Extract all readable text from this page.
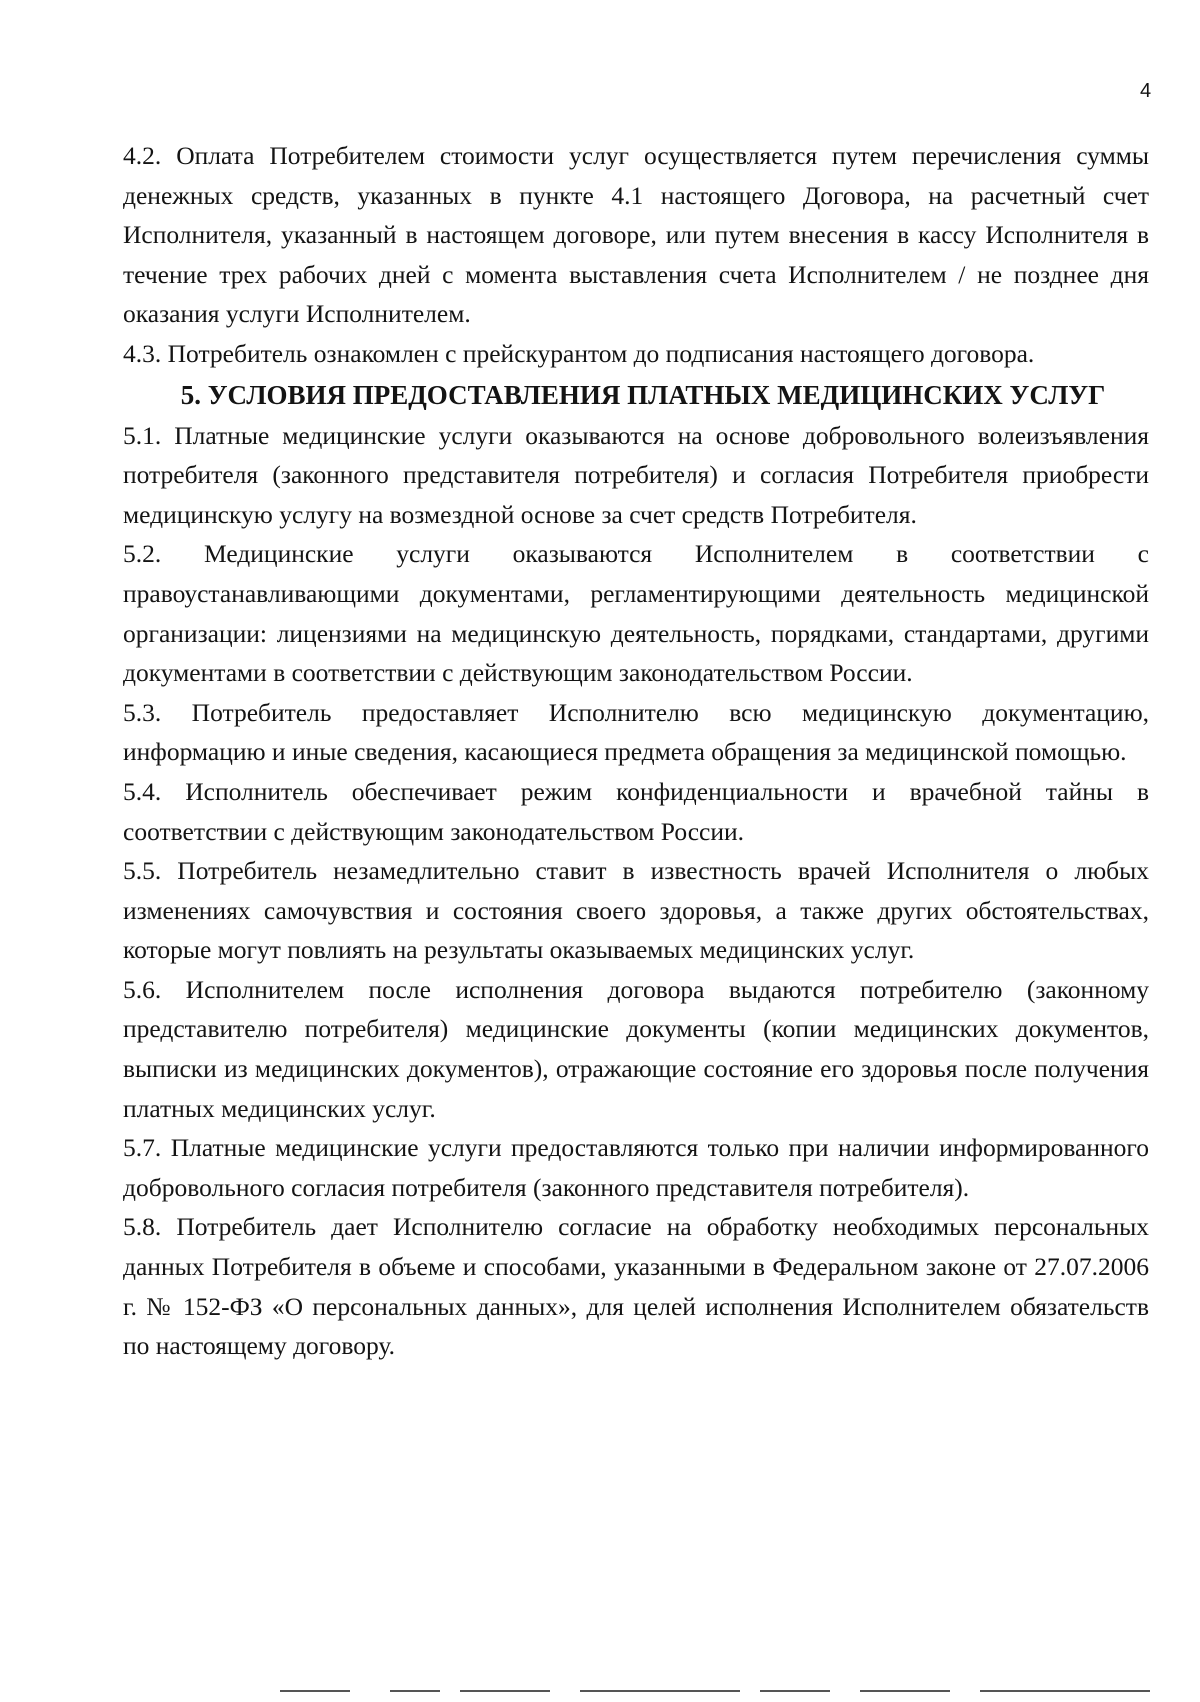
4

4.2. Оплата Потребителем стоимости услуг осуществляется путем перечисления суммы денежных средств, указанных в пункте 4.1 настоящего Договора, на расчетный счет Исполнителя, указанный в настоящем договоре, или путем внесения в кассу Исполнителя в течение трех рабочих дней с момента выставления счета Исполнителем / не позднее дня оказания услуги Исполнителем.

4.3. Потребитель ознакомлен с прейскурантом до подписания настоящего договора.

5. УСЛОВИЯ ПРЕДОСТАВЛЕНИЯ ПЛАТНЫХ МЕДИЦИНСКИХ УСЛУГ

5.1. Платные медицинские услуги оказываются на основе добровольного волеизъявления потребителя (законного представителя потребителя) и согласия Потребителя приобрести медицинскую услугу на возмездной основе за счет средств Потребителя.

5.2. Медицинские услуги оказываются Исполнителем в соответствии с правоустанавливающими документами, регламентирующими деятельность медицинской организации: лицензиями на медицинскую деятельность, порядками, стандартами, другими документами в соответствии с действующим законодательством России.

5.3. Потребитель предоставляет Исполнителю всю медицинскую документацию, информацию и иные сведения, касающиеся предмета обращения за медицинской помощью.

5.4. Исполнитель обеспечивает режим конфиденциальности и врачебной тайны в соответствии с действующим законодательством России.

5.5. Потребитель незамедлительно ставит в известность врачей Исполнителя о любых изменениях самочувствия и состояния своего здоровья, а также других обстоятельствах, которые могут повлиять на результаты оказываемых медицинских услуг.

5.6. Исполнителем после исполнения договора выдаются потребителю (законному представителю потребителя) медицинские документы (копии медицинских документов, выписки из медицинских документов), отражающие состояние его здоровья после получения платных медицинских услуг.

5.7. Платные медицинские услуги предоставляются только при наличии информированного добровольного согласия потребителя (законного представителя потребителя).

5.8. Потребитель дает Исполнителю согласие на обработку необходимых персональных данных Потребителя в объеме и способами, указанными в Федеральном законе от 27.07.2006 г. № 152-ФЗ «О персональных данных», для целей исполнения Исполнителем обязательств по настоящему договору.
